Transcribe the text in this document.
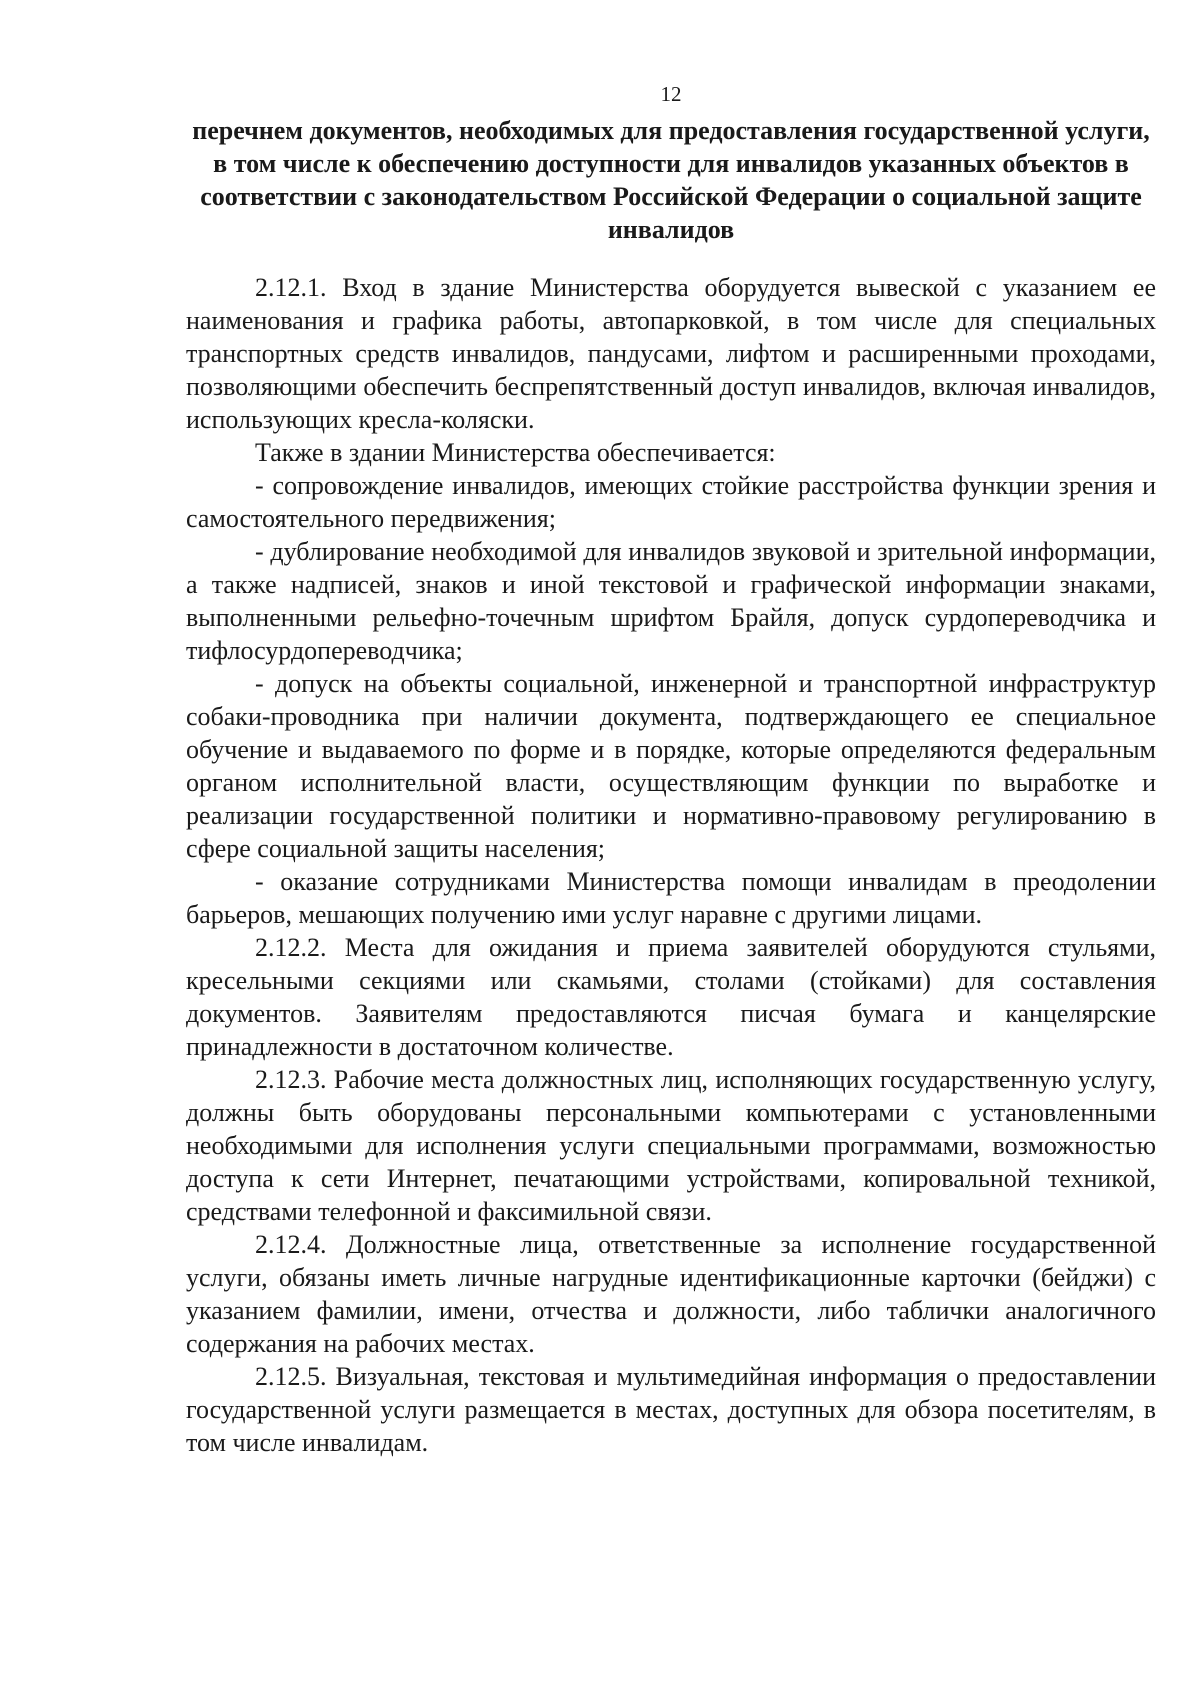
12
перечнем документов, необходимых для предоставления государственной услуги, в том числе к обеспечению доступности для инвалидов указанных объектов в соответствии с законодательством Российской Федерации о социальной защите инвалидов

2.12.1. Вход в здание Министерства оборудуется вывеской с указанием ее наименования и графика работы, автопарковкой, в том числе для специальных транспортных средств инвалидов, пандусами, лифтом и расширенными проходами, позволяющими обеспечить беспрепятственный доступ инвалидов, включая инвалидов, использующих кресла-коляски.

Также в здании Министерства обеспечивается:

- сопровождение инвалидов, имеющих стойкие расстройства функции зрения и самостоятельного передвижения;

- дублирование необходимой для инвалидов звуковой и зрительной информации, а также надписей, знаков и иной текстовой и графической информации знаками, выполненными рельефно-точечным шрифтом Брайля, допуск сурдопереводчика и тифлосурдопереводчика;

- допуск на объекты социальной, инженерной и транспортной инфраструктур собаки-проводника при наличии документа, подтверждающего ее специальное обучение и выдаваемого по форме и в порядке, которые определяются федеральным органом исполнительной власти, осуществляющим функции по выработке и реализации государственной политики и нормативно-правовому регулированию в сфере социальной защиты населения;

- оказание сотрудниками Министерства помощи инвалидам в преодолении барьеров, мешающих получению ими услуг наравне с другими лицами.

2.12.2. Места для ожидания и приема заявителей оборудуются стульями, кресельными секциями или скамьями, столами (стойками) для составления документов. Заявителям предоставляются писчая бумага и канцелярские принадлежности в достаточном количестве.

2.12.3. Рабочие места должностных лиц, исполняющих государственную услугу, должны быть оборудованы персональными компьютерами с установленными необходимыми для исполнения услуги специальными программами, возможностью доступа к сети Интернет, печатающими устройствами, копировальной техникой, средствами телефонной и факсимильной связи.

2.12.4. Должностные лица, ответственные за исполнение государственной услуги, обязаны иметь личные нагрудные идентификационные карточки (бейджи) с указанием фамилии, имени, отчества и должности, либо таблички аналогичного содержания на рабочих местах.

2.12.5. Визуальная, текстовая и мультимедийная информация о предоставлении государственной услуги размещается в местах, доступных для обзора посетителям, в том числе инвалидам.
